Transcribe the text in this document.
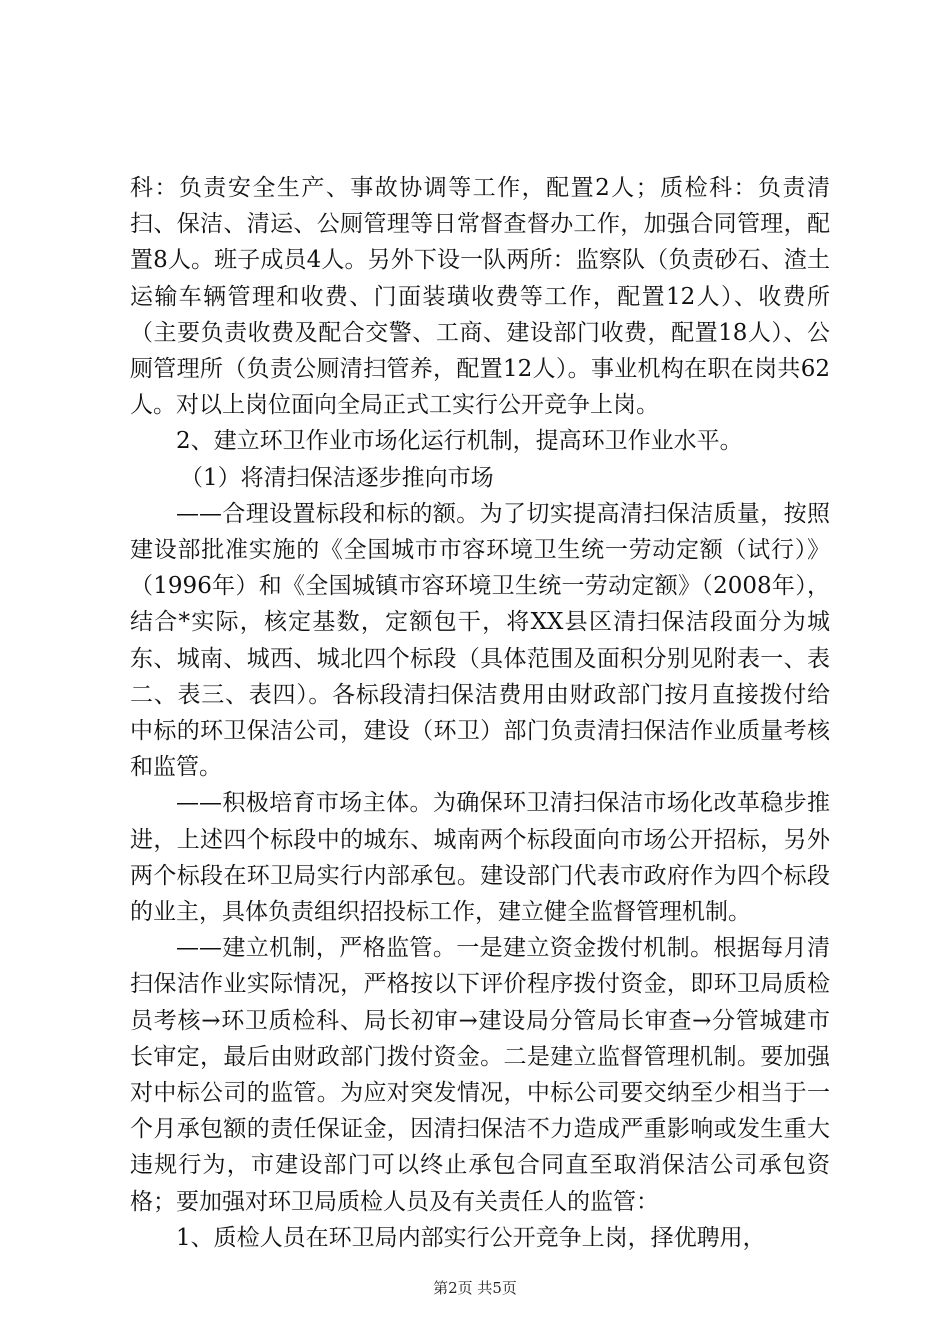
科：负责安全生产、事故协调等工作，配置2人；质检科：负责清扫、保洁、清运、公厕管理等日常督查督办工作，加强合同管理，配置8人。班子成员4人。另外下设一队两所：监察队（负责砂石、渣土运输车辆管理和收费、门面装璜收费等工作，配置12人）、收费所（主要负责收费及配合交警、工商、建设部门收费，配置18人）、公厕管理所（负责公厕清扫管养，配置12人）。事业机构在职在岗共62人。对以上岗位面向全局正式工实行公开竞争上岗。

2、建立环卫作业市场化运行机制，提高环卫作业水平。

（1）将清扫保洁逐步推向市场

——合理设置标段和标的额。为了切实提高清扫保洁质量，按照建设部批准实施的《全国城市市容环境卫生统一劳动定额（试行）》（1996年）和《全国城镇市容环境卫生统一劳动定额》（2008年），结合*实际，核定基数，定额包干，将XX县区清扫保洁段面分为城东、城南、城西、城北四个标段（具体范围及面积分别见附表一、表二、表三、表四）。各标段清扫保洁费用由财政部门按月直接拨付给中标的环卫保洁公司，建设（环卫）部门负责清扫保洁作业质量考核和监管。

——积极培育市场主体。为确保环卫清扫保洁市场化改革稳步推进，上述四个标段中的城东、城南两个标段面向市场公开招标，另外两个标段在环卫局实行内部承包。建设部门代表市政府作为四个标段的业主，具体负责组织招投标工作，建立健全监督管理机制。

——建立机制，严格监管。一是建立资金拨付机制。根据每月清扫保洁作业实际情况，严格按以下评价程序拨付资金，即环卫局质检员考核→环卫质检科、局长初审→建设局分管局长审查→分管城建市长审定，最后由财政部门拨付资金。二是建立监督管理机制。要加强对中标公司的监管。为应对突发情况，中标公司要交纳至少相当于一个月承包额的责任保证金，因清扫保洁不力造成严重影响或发生重大违规行为，市建设部门可以终止承包合同直至取消保洁公司承包资格；要加强对环卫局质检人员及有关责任人的监管：

1、质检人员在环卫局内部实行公开竞争上岗，择优聘用，

第2页 共5页
